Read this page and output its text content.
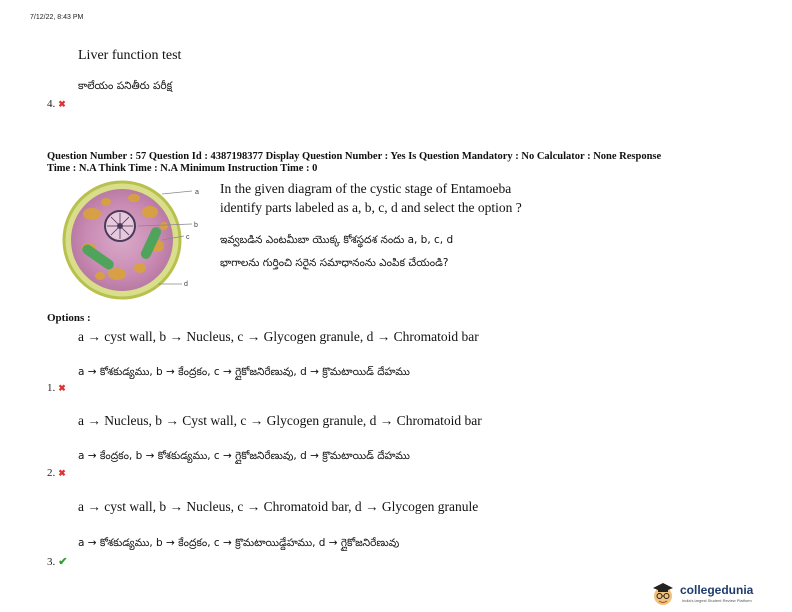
7/12/22, 8:43 PM
Liver function test
కాలేయం పనితీరు పరీక్ష
4. ✖
Question Number : 57 Question Id : 4387198377 Display Question Number : Yes Is Question Mandatory : No Calculator : None Response
Time : N.A Think Time : N.A Minimum Instruction Time : 0
a
b
c
d
In the given diagram of the cystic stage of Entamoeba
identify parts labeled as a, b, c, d and select the option ?
ఇవ్వబడిన ఎంటమీబా యొక్క కోశస్థదశ నందు a, b, c, d
భాగాలను గుర్తించి సరైన సమాధానంను ఎంపిక చేయండి?
Options :
a → cyst wall, b → Nucleus, c → Glycogen granule, d → Chromatoid bar
a → కోశకుడ్యము, b → కేంద్రకం, c → గ్లైకోజనిరేణువు, d → క్రొమటాయిడ్ దేహము
1. ✖
a → Nucleus, b → Cyst wall, c → Glycogen granule, d → Chromatoid bar
a → కేంద్రకం, b → కోశకుడ్యము, c → గ్లైకోజనిరేణువు, d → క్రొమటాయిడ్ దేహము
2. ✖
a → cyst wall, b → Nucleus, c → Chromatoid bar, d → Glycogen granule
a → కోశకుడ్యము, b → కేంద్రకం, c → క్రొమటాయిడ్దేహము, d → గ్లైకోజనిరేణువు
3. ✔
collegedunia
India's largest Student Review Platform
